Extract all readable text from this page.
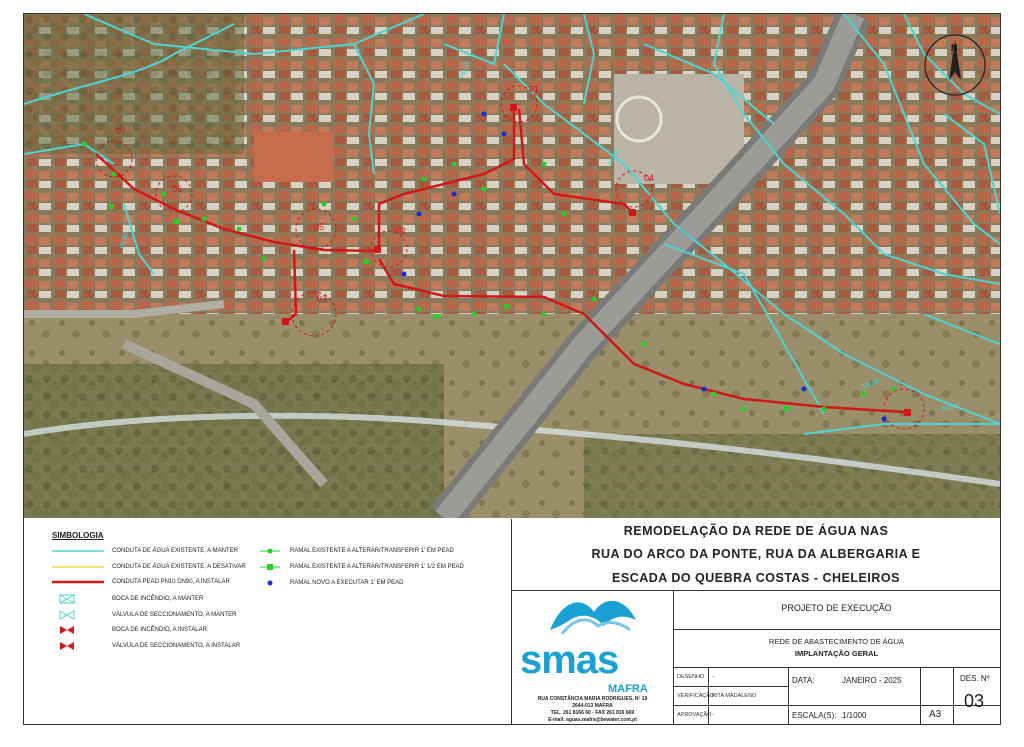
07
06
05	02
03
01
04
PE80
PE80
PE80
PE80
PE80
N
SIMBOLOGIA
CONDUTA DE ÁGUA EXISTENTE, A MANTER
CONDUTA DE ÁGUA EXISTENTE, A DESATIVAR
CONDUTA PEAD PN10 DN90, A INSTALAR
BOCA DE INCÊNDIO, A MANTER
VÁLVULA DE SECCIONAMENTO, A MANTER
BOCA DE INCÊNDIO, A INSTALAR
VÁLVULA DE SECCIONAMENTO, A INSTALAR
RAMAL EXISTENTE A ALTERAR/TRANSFERIR 1' EM PEAD
RAMAL EXISTENTE A ALTERAR/TRANSFERIR 1' 1/2 EM PEAD
RAMAL NOVO A EXECUTAR 1' EM PEAD
REMODELAÇÃO DA REDE DE ÁGUA NAS
RUA DO ARCO DA PONTE, RUA DA ALBERGARIA E
ESCADA DO QUEBRA COSTAS - CHELEIROS
smas
MAFRA
RUA CONSTÂNCIA MARIA RODRIGUES, Nº 19
2644-013 MAFRA
TEL. 261 8166 60 - FAX 261 816 669
E-mail: aguas.mafra@bewater.com.pt
PROJETO DE EXECUÇÃO
REDE DE ABASTECIMENTO DE ÁGUA
IMPLANTAÇÃO GERAL
DESENHO -
VERIFICAÇÃO
RITA MADALENO
APROVAÇÃO -
DATA:	JANEIRO - 2025
ESCALA(S): 1/1000	A3
DES. Nº
03
